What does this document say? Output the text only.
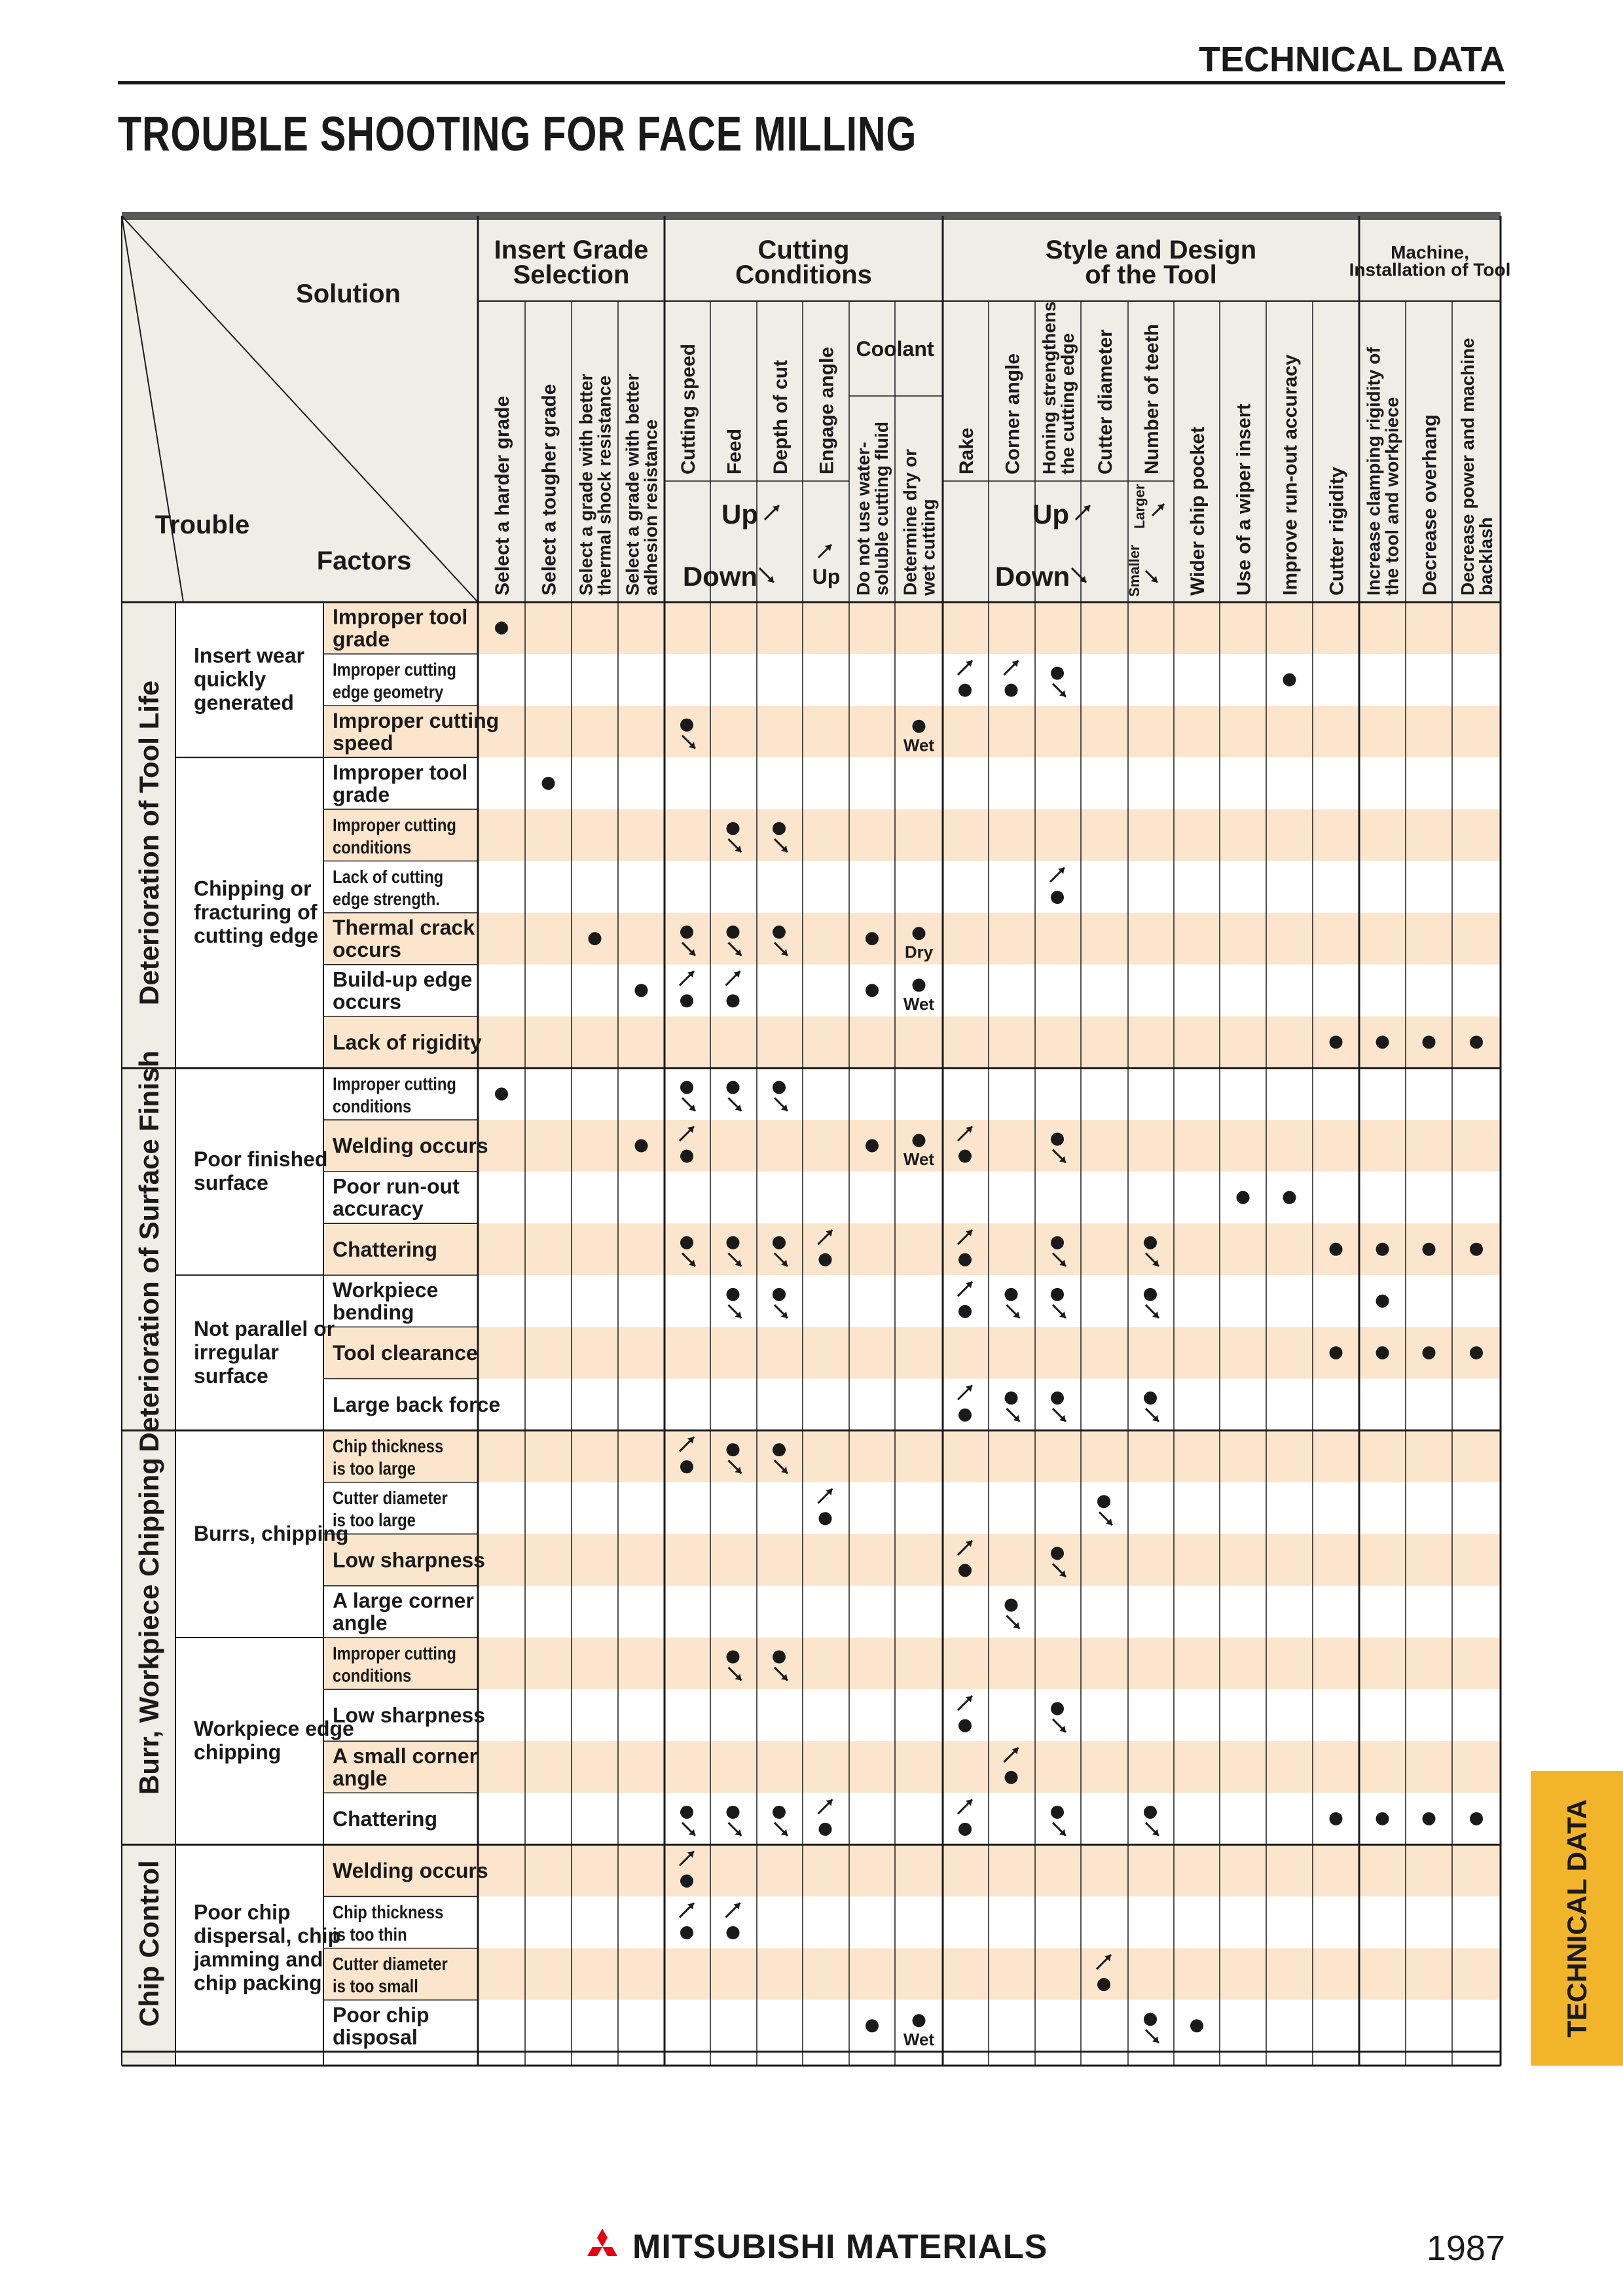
TECHNICAL DATA
TROUBLE SHOOTING FOR FACE MILLING
Solution
Trouble
Factors
Insert Grade Selection
Cutting Conditions
Style and Design of the Tool
Machine, Installation of Tool
Select a harder grade Select a tougher grade Select a grade with better
thermal shock resistance Select a grade with better
adhesion resistance
Cutting speed Feed Depth of cut Engage angle
Do not use water-
soluble cutting fluid Determine dry or
wet cutting
Rake Corner angle Honing strengthens
the cutting edge Cutter diameter Number of teeth
Wider chip pocket Use of a wiper insert Improve run-out accuracy Cutter rigidity Increase clamping rigidity of
the tool and workpiece Decrease overhang Decrease power and machine
backlash
Coolant
Up
Down	Up
Up
Down
Larger
Smaller
Deterioration of Tool Life
Deterioration of Surface Finish
Burr, Workpiece Chipping
Chip Control
Insert wear
quickly
generated
Chipping or
fracturing of
cutting edge
Poor finished
surface
Not parallel or
irregular
surface
Burrs, chipping
Workpiece edge
chipping
Poor chip
dispersal, chip
jamming and
chip packing
Improper tool
grade
Improper cutting
edge geometry
Improper cutting
speed
Improper tool
grade
Improper cutting
conditions
Lack of cutting
edge strength.
Thermal crack
occurs
Build-up edge
occurs
Lack of rigidity
Improper cutting
conditions
Welding occurs
Poor run-out
accuracy
Chattering
Workpiece
bending
Tool clearance
Large back force
Chip thickness
is too large
Cutter diameter
is too large
Low sharpness
A large corner
angle
Improper cutting
conditions
Low sharpness
A small corner
angle
Chattering
Welding occurs
Chip thickness
is too thin
Cutter diameter
is too small
Poor chip
disposal
Wet
Dry
Wet
Wet
Wet
TECHNICAL DATA
MITSUBISHI MATERIALS	1987
